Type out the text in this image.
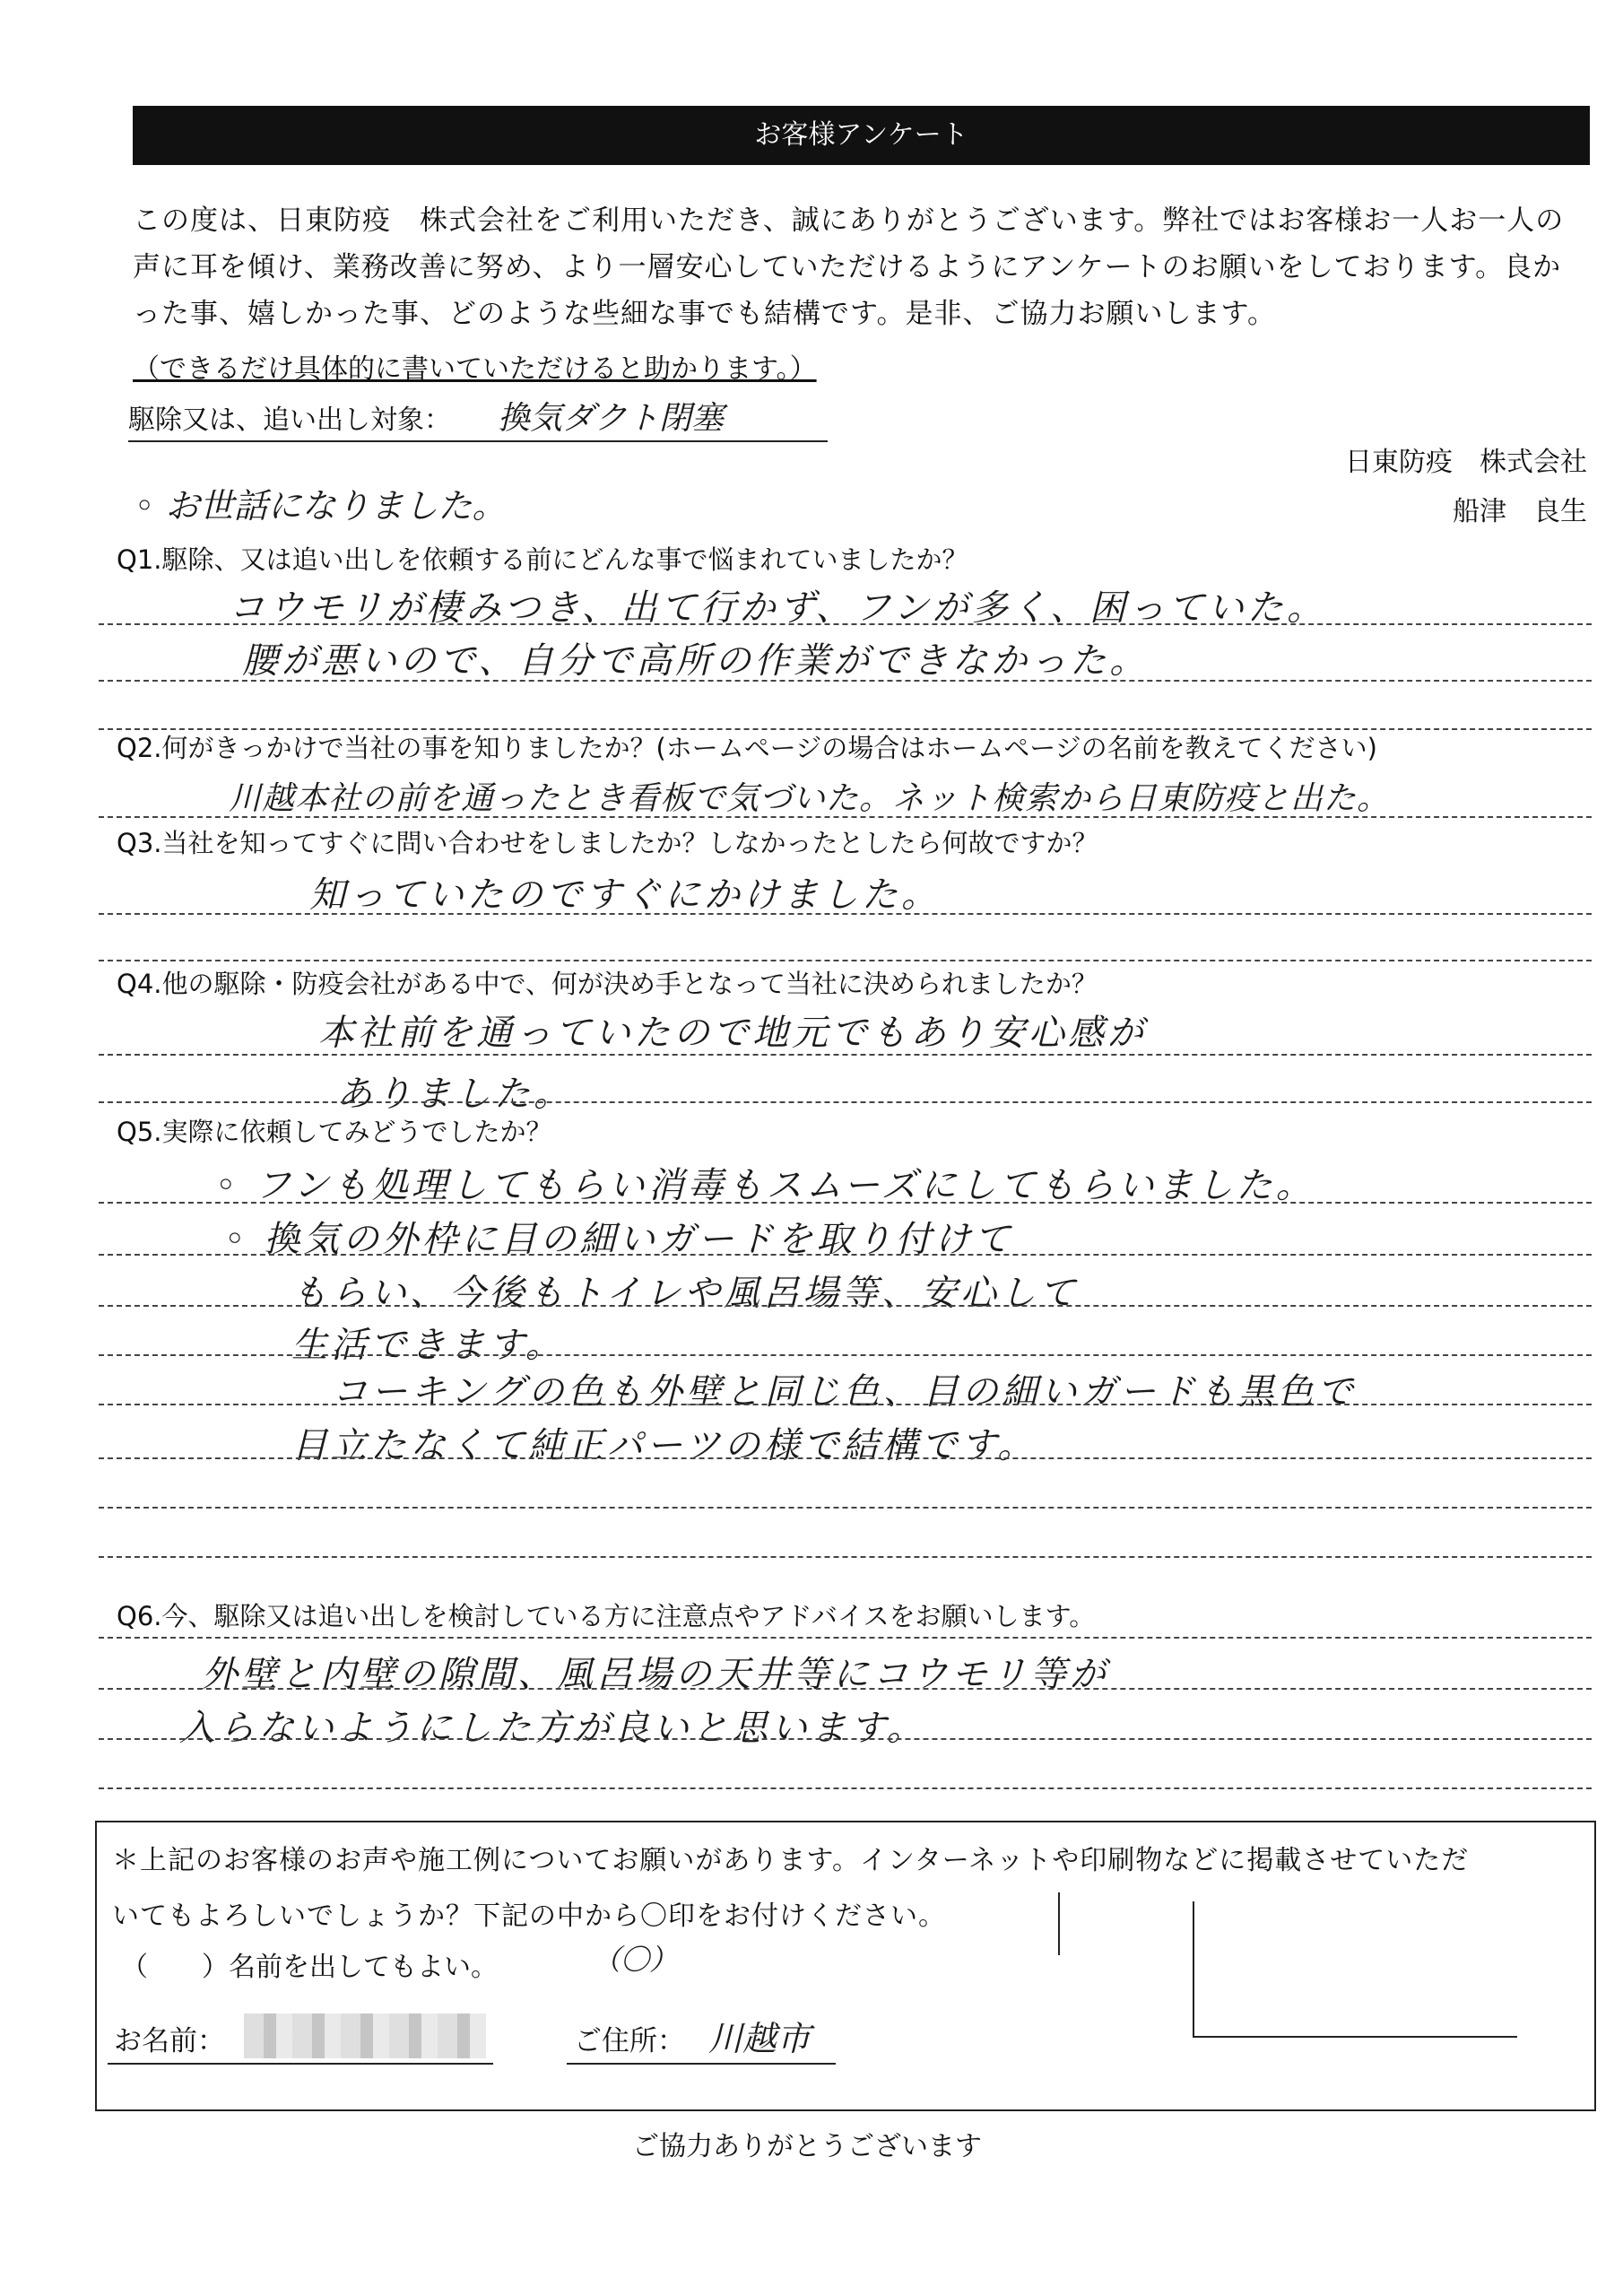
お客様アンケート

この度は、日東防疫　株式会社をご利用いただき、誠にありがとうございます。弊社ではお客様お一人お一人の

声に耳を傾け、業務改善に努め、より一層安心していただけるようにアンケートのお願いをしております。良か

った事、嬉しかった事、どのような些細な事でも結構です。是非、ご協力お願いします。

（できるだけ具体的に書いていただけると助かります。）
駆除又は、追い出し対象：	換気ダクト閉塞
日東防疫　株式会社
船津　良生
◦ お世話になりました。
Q1.駆除、又は追い出しを依頼する前にどんな事で悩まれていましたか？
コウモリが棲みつき、出て行かず、フンが多く、困っていた。
腰が悪いので、自分で高所の作業ができなかった。
Q2.何がきっかけで当社の事を知りましたか？(ホームページの場合はホームページの名前を教えてください)
川越本社の前を通ったとき看板で気づいた。ネット検索から日東防疫と出た。
Q3.当社を知ってすぐに問い合わせをしましたか？しなかったとしたら何故ですか？
知っていたのですぐにかけました。
Q4.他の駆除・防疫会社がある中で、何が決め手となって当社に決められましたか？
本社前を通っていたので地元でもあり安心感が
ありました。
Q5.実際に依頼してみどうでしたか？
◦ フンも処理してもらい消毒もスムーズにしてもらいました。
◦ 換気の外枠に目の細いガードを取り付けて
もらい、今後もトイレや風呂場等、安心して
生活できます。
コーキングの色も外壁と同じ色、目の細いガードも黒色で
目立たなくて純正パーツの様で結構です。
Q6.今、駆除又は追い出しを検討している方に注意点やアドバイスをお願いします。
外壁と内壁の隙間、風呂場の天井等にコウモリ等が
入らないようにした方が良いと思います。

＊上記のお客様のお声や施工例についてお願いがあります。インターネットや印刷物などに掲載させていただ

いてもよろしいでしょうか？下記の中から〇印をお付けください。

（　　）名前を出してもよい。	（〇）
お名前：	ご住所： 川越市
ご協力ありがとうございます
